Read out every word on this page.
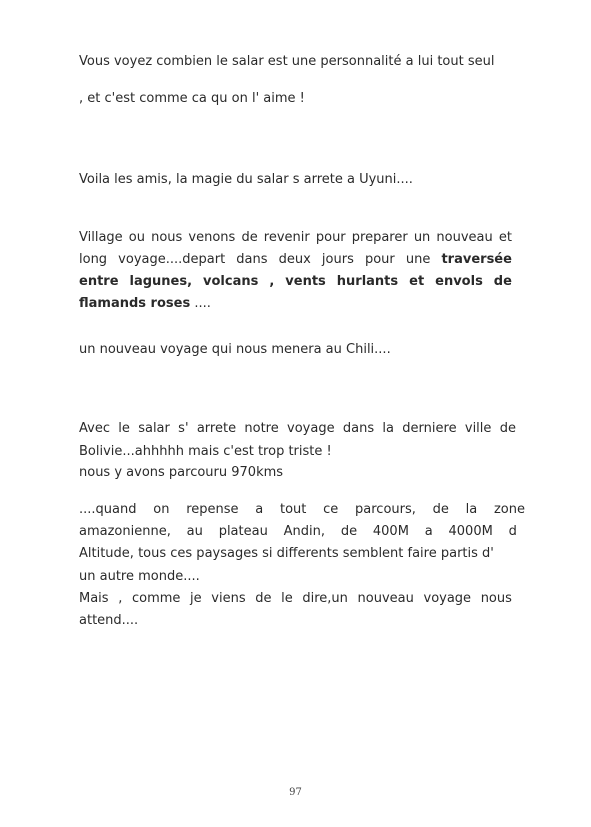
Vous voyez combien le salar est une personnalité a lui tout seul
, et c'est comme ca qu on l' aime !
Voila les amis, la magie du salar s arrete a Uyuni....
Village ou nous venons de revenir pour preparer un nouveau et
long voyage....depart dans deux jours pour une traversée
entre lagunes, volcans , vents hurlants et envols de
flamands roses ....
un nouveau voyage qui nous menera au Chili....
Avec le salar s' arrete notre voyage dans la derniere ville de
Bolivie...ahhhhh mais c'est trop triste !
nous y avons parcouru 970kms
....quand on repense a tout ce parcours, de la zone
amazonienne, au plateau Andin, de 400M a 4000M d
Altitude, tous ces paysages si differents semblent faire partis d'
un autre monde....
Mais , comme je viens de le dire,un nouveau voyage nous
attend....
97
